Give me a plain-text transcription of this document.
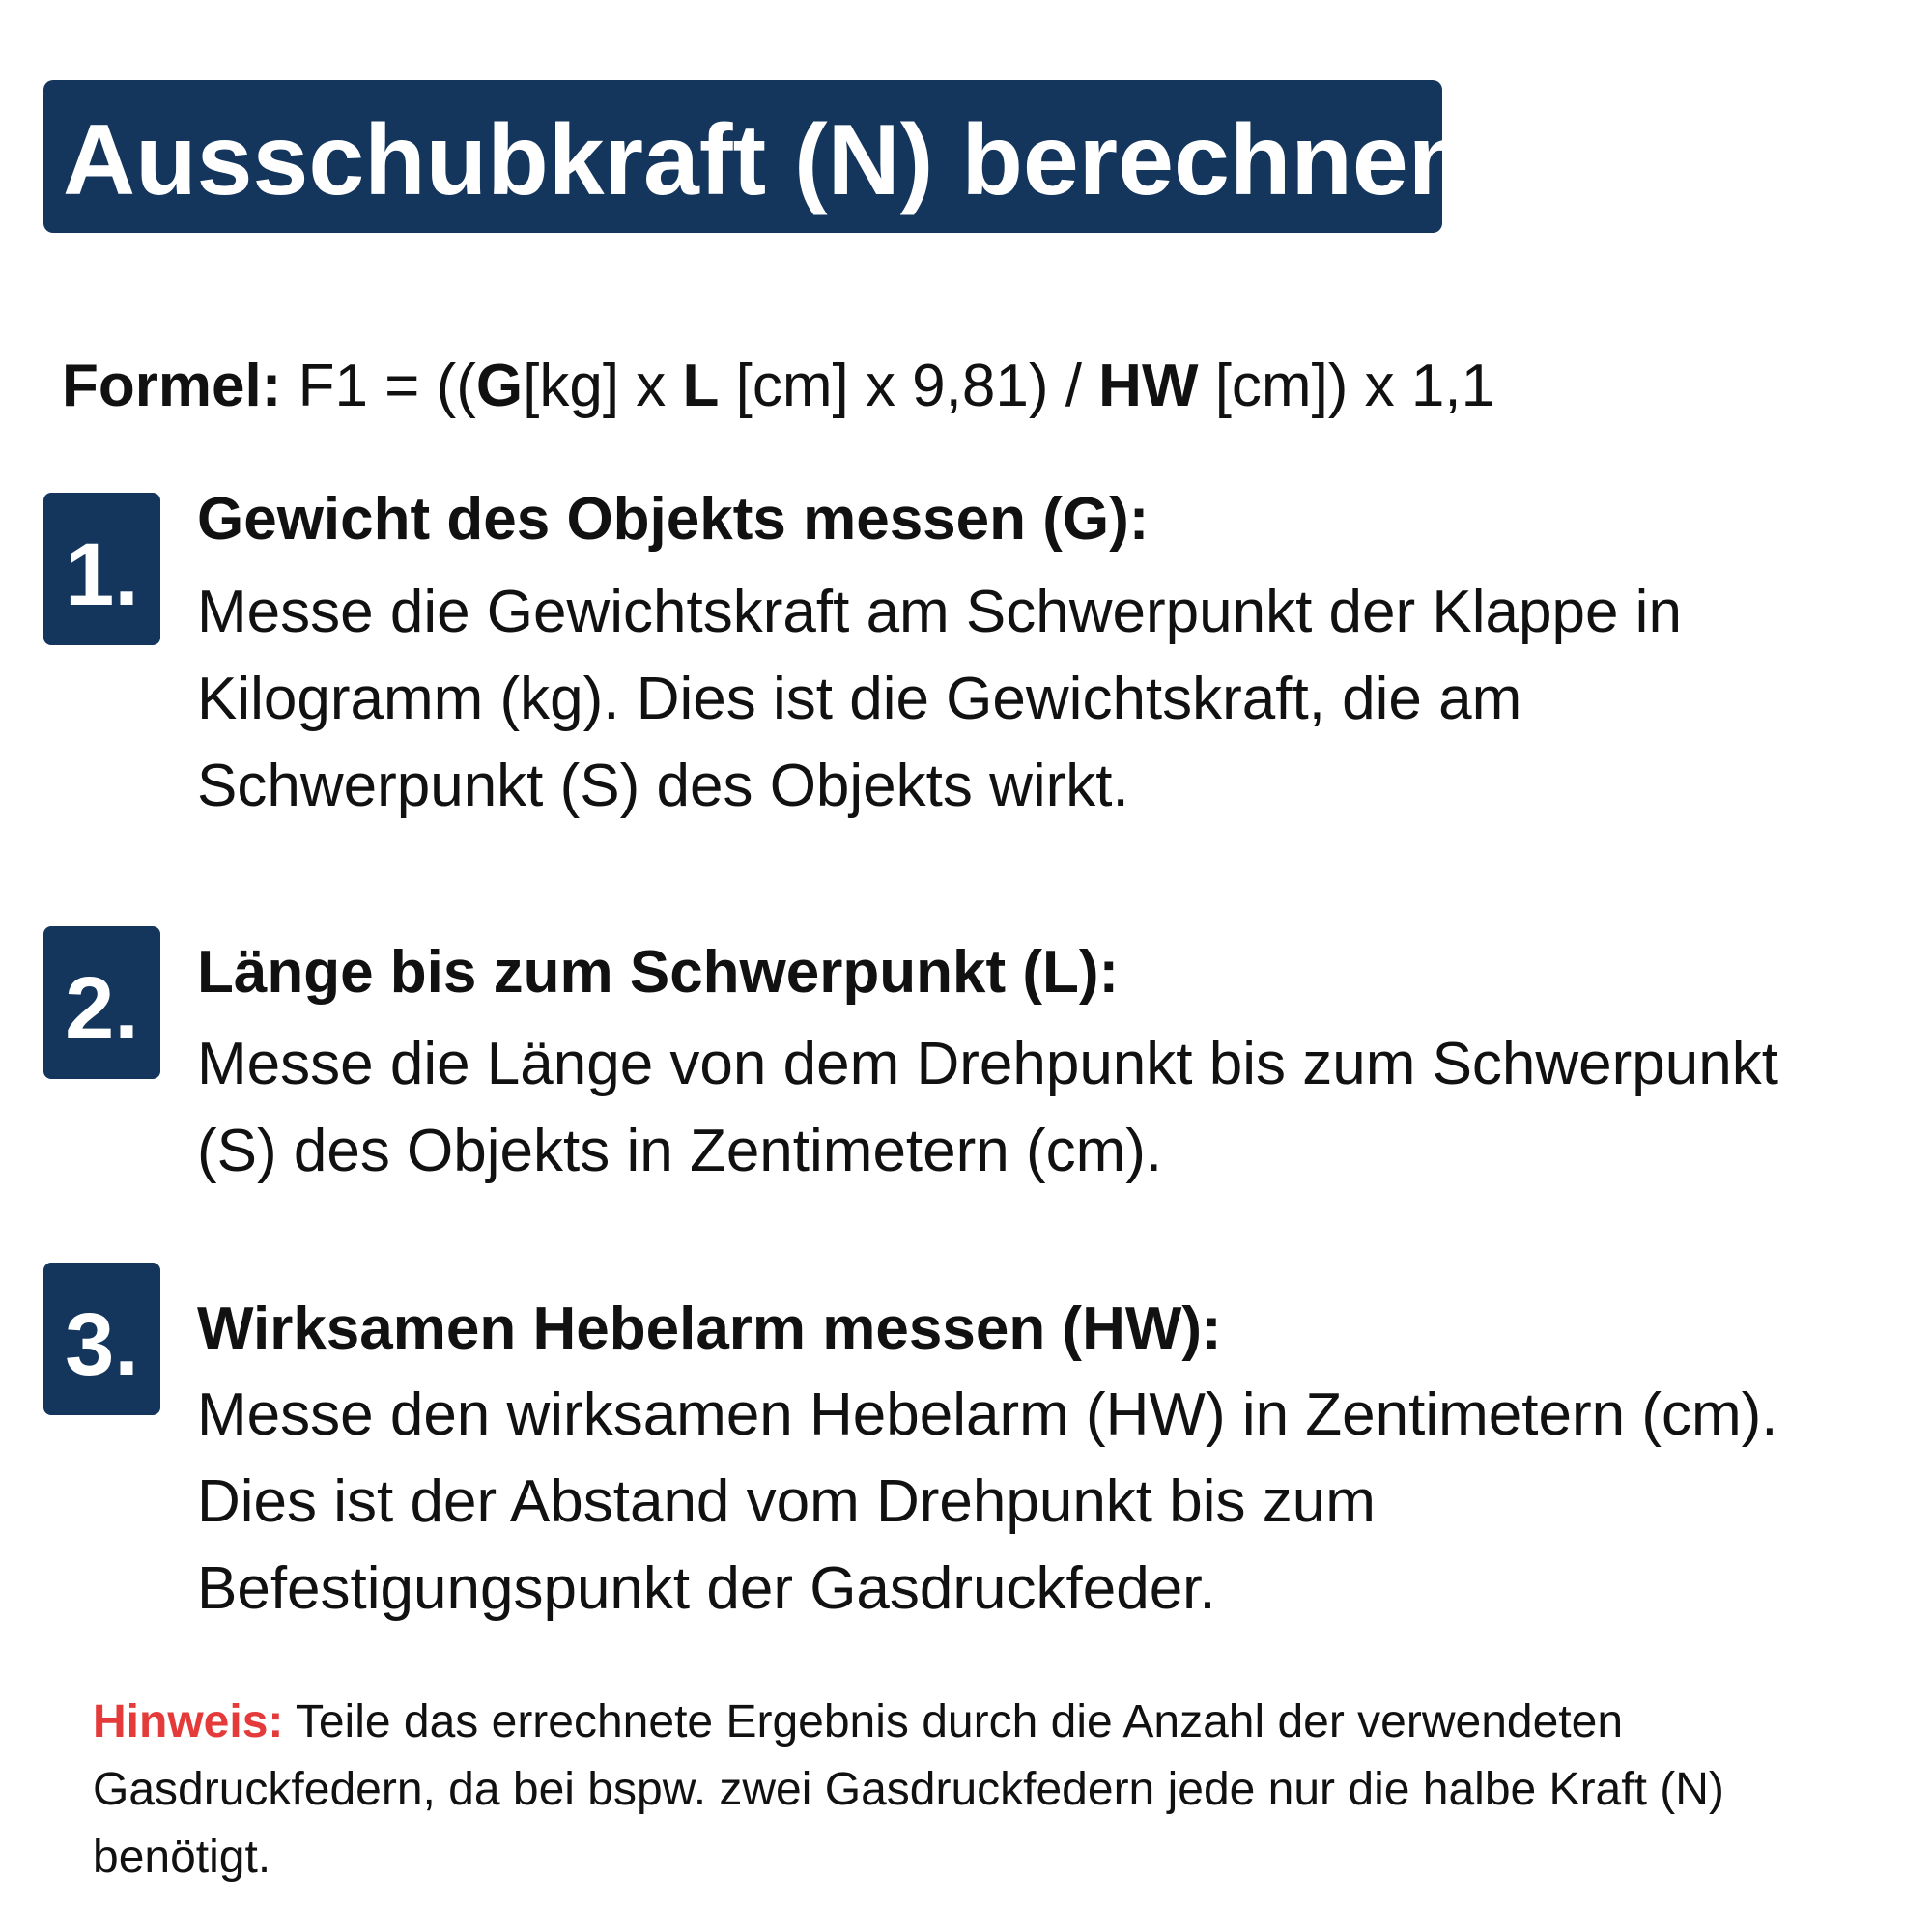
Ausschubkraft (N) berechnen:
Formel: F1 = ((G[kg] x L [cm] x 9,81) / HW [cm]) x 1,1
1.
Gewicht des Objekts messen (G):
Messe die Gewichtskraft am Schwerpunkt der Klappe in
Kilogramm (kg). Dies ist die Gewichtskraft, die am
Schwerpunkt (S) des Objekts wirkt.
2. Länge bis zum Schwerpunkt (L):
Messe die Länge von dem Drehpunkt bis zum Schwerpunkt
(S) des Objekts in Zentimetern (cm).
3. Wirksamen Hebelarm messen (HW):
Messe den wirksamen Hebelarm (HW) in Zentimetern (cm).
Dies ist der Abstand vom Drehpunkt bis zum
Befestigungspunkt der Gasdruckfeder.
Hinweis: Teile das errechnete Ergebnis durch die Anzahl der verwendeten
Gasdruckfedern, da bei bspw. zwei Gasdruckfedern jede nur die halbe Kraft (N)
benötigt.
